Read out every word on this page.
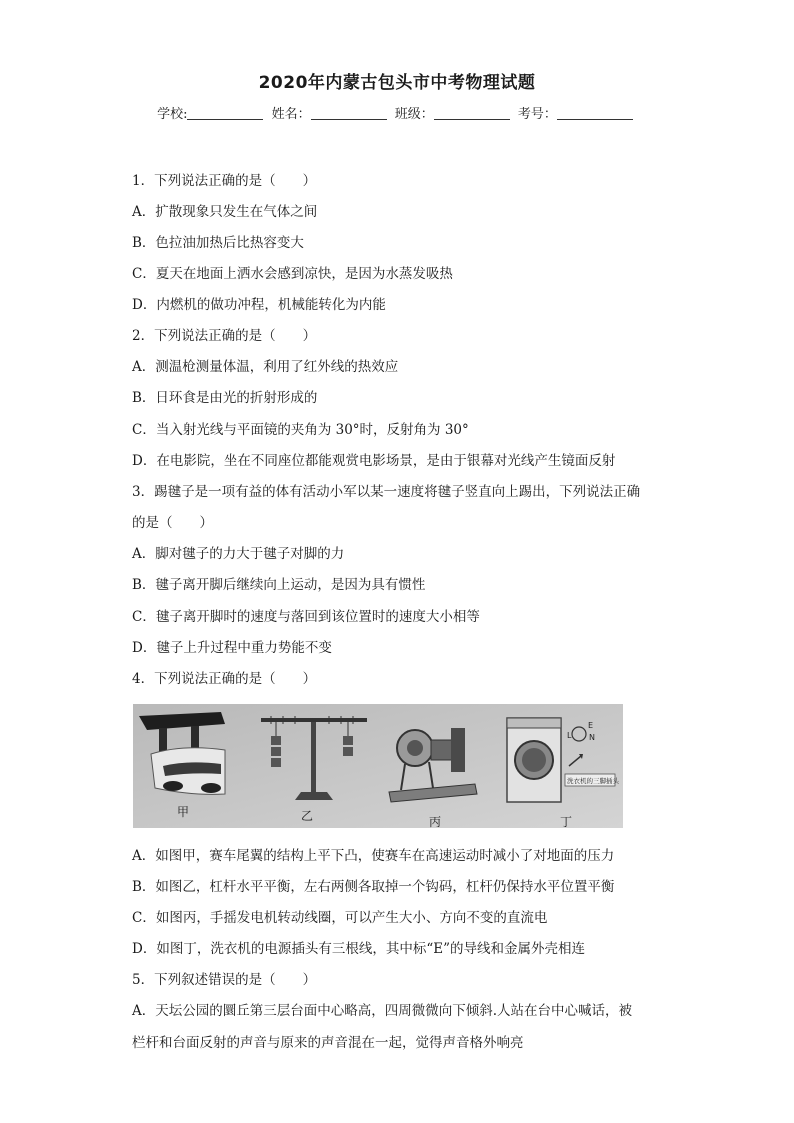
2020年内蒙古包头市中考物理试题
学校:	姓名：	班级：	考号：
1．下列说法正确的是（　　）
A．扩散现象只发生在气体之间
B．色拉油加热后比热容变大
C．夏天在地面上洒水会感到凉快，是因为水蒸发吸热
D．内燃机的做功冲程，机械能转化为内能
2．下列说法正确的是（　　）
A．测温枪测量体温，利用了红外线的热效应
B．日环食是由光的折射形成的
C．当入射光线与平面镜的夹角为 30°时，反射角为 30°
D．在电影院，坐在不同座位都能观赏电影场景，是由于银幕对光线产生镜面反射
3．踢毽子是一项有益的体有活动小军以某一速度将毽子竖直向上踢出，下列说法正确
的是（　　）
A．脚对毽子的力大于毽子对脚的力
B．毽子离开脚后继续向上运动，是因为具有惯性
C．毽子离开脚时的速度与落回到该位置时的速度大小相等
D．毽子上升过程中重力势能不变
4．下列说法正确的是（　　）
甲	乙	丙
L
E
N
洗衣机的三脚插头
丁
A．如图甲，赛车尾翼的结构上平下凸，使赛车在高速运动时减小了对地面的压力
B．如图乙，杠杆水平平衡，左右两侧各取掉一个钩码，杠杆仍保持水平位置平衡
C．如图丙，手摇发电机转动线圈，可以产生大小、方向不变的直流电
D．如图丁，洗衣机的电源插头有三根线，其中标“E”的导线和金属外壳相连
5．下列叙述错误的是（　　）
A．天坛公园的圜丘第三层台面中心略高，四周微微向下倾斜.人站在台中心喊话，被
栏杆和台面反射的声音与原来的声音混在一起，觉得声音格外响亮
